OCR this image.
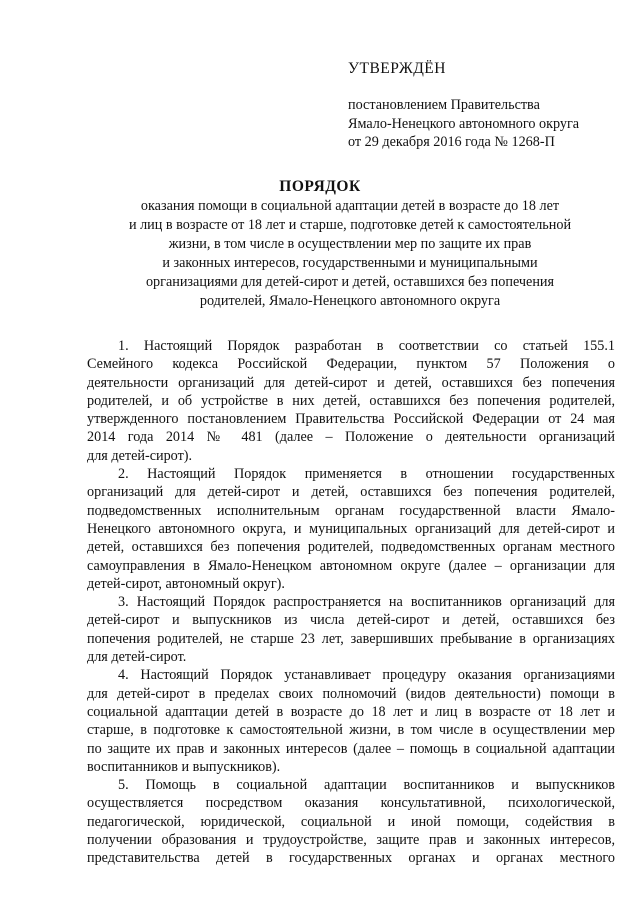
УТВЕРЖДЁН
постановлением Правительства
Ямало-Ненецкого автономного округа
от 29 декабря 2016 года № 1268-П
ПОРЯДОК
оказания помощи в социальной адаптации детей в возрасте до 18 лет
и лиц в возрасте от 18 лет и старше, подготовке детей к самостоятельной
жизни, в том числе в осуществлении мер по защите их прав
и законных интересов, государственными и муниципальными
организациями для детей-сирот и детей, оставшихся без попечения
родителей, Ямало-Ненецкого автономного округа
1. Настоящий Порядок разработан в соответствии со статьей 155.1
Семейного кодекса Российской Федерации, пунктом 57 Положения о
деятельности организаций для детей-сирот и детей, оставшихся без попечения
родителей, и об устройстве в них детей, оставшихся без попечения родителей,
утвержденного постановлением Правительства Российской Федерации от 24 мая
2014 года 2014 № 481 (далее – Положение о деятельности организаций
для детей-сирот).
2. Настоящий Порядок применяется в отношении государственных
организаций для детей-сирот и детей, оставшихся без попечения родителей,
подведомственных исполнительным органам государственной власти Ямало-
Ненецкого автономного округа, и муниципальных организаций для детей-сирот и
детей, оставшихся без попечения родителей, подведомственных органам местного
самоуправления в Ямало-Ненецком автономном округе (далее – организации для
детей-сирот, автономный округ).
3. Настоящий Порядок распространяется на воспитанников организаций для
детей-сирот и выпускников из числа детей-сирот и детей, оставшихся без
попечения родителей, не старше 23 лет, завершивших пребывание в организациях
для детей-сирот.
4. Настоящий Порядок устанавливает процедуру оказания организациями
для детей-сирот в пределах своих полномочий (видов деятельности) помощи в
социальной адаптации детей в возрасте до 18 лет и лиц в возрасте от 18 лет и
старше, в подготовке к самостоятельной жизни, в том числе в осуществлении мер
по защите их прав и законных интересов (далее – помощь в социальной адаптации
воспитанников и выпускников).
5. Помощь в социальной адаптации воспитанников и выпускников
осуществляется посредством оказания консультативной, психологической,
педагогической, юридической, социальной и иной помощи, содействия в
получении образования и трудоустройстве, защите прав и законных интересов,
представительства детей в государственных органах и органах местного
